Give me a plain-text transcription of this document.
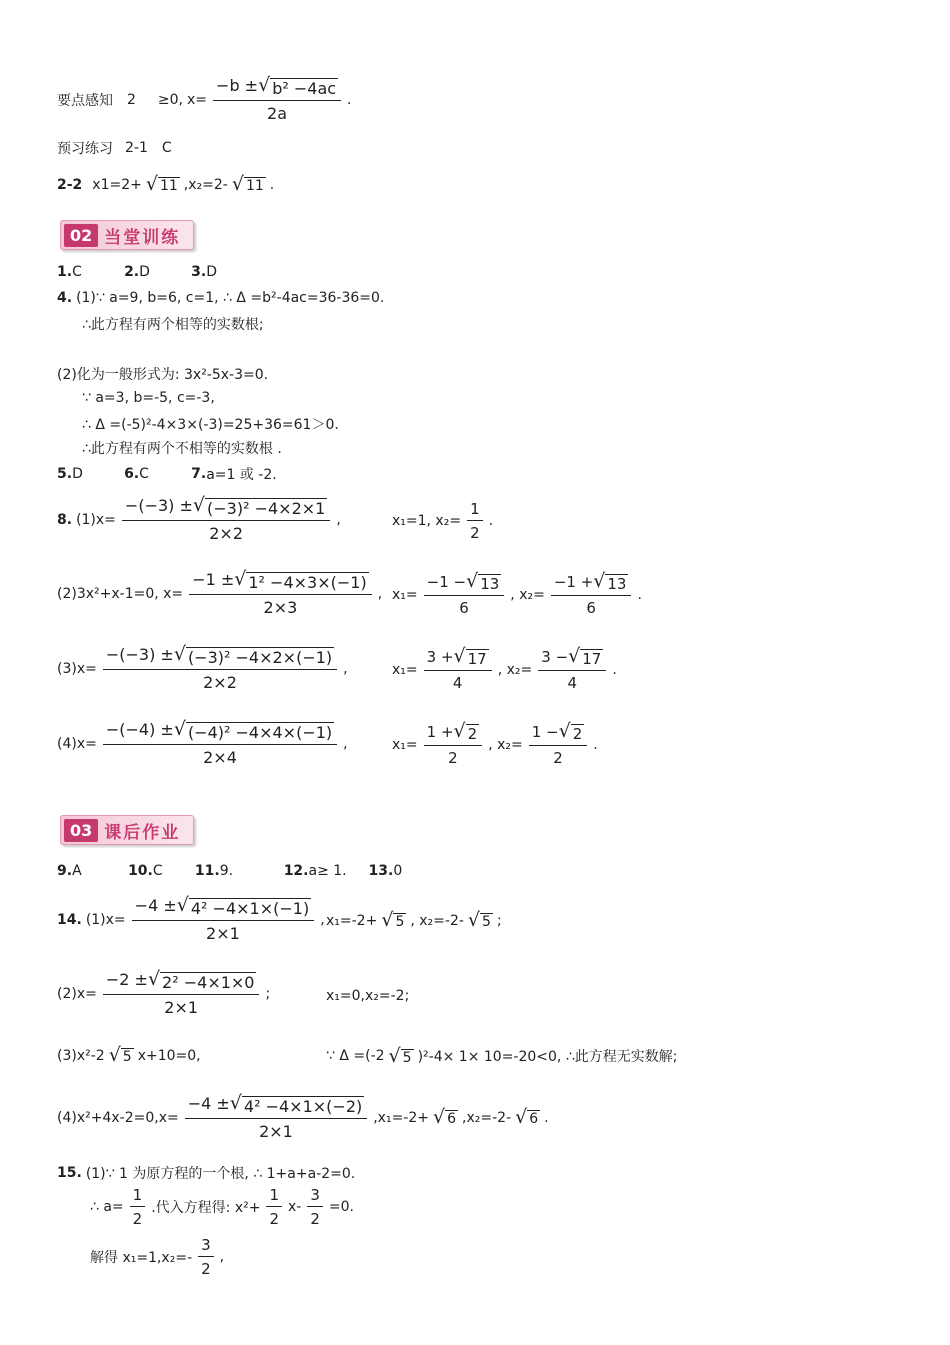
要点感知 2 ≥0, $x= \frac{\text{−b ± √ b² −4ac}}{2a}$ .
预习练习 2-1 C
2-2 x1=2+ √ 11 ,x₂=2- √ 11 .
02 当堂训练
1. C	2. D	3. D
4. (1)∵ a=9, b=6, c=1, ∴ Δ =b²-4ac=36-36=0.
∴此方程有两个相等的实数根;
(2)化为一般形式为: 3x²-5x-3=0.
∵ a=3, b=-5, c=-3,
∴ Δ =(-5)²-4×3×(-3)=25+36=61＞0.
∴此方程有两个不相等的实数根 .
5. D	6. C	7. a=1 或 -2.
8. $(1)x= \frac{\text{−(−3) ± √ (−3)² −4×2×1}}{2\times 2}$ ,	x₁=1, $x_2= \frac{1}{2}$ .
(2)3x²+x-1=0, $x= \frac{\text{−1 ± √ 1² −4×3×(−1)}}{2\times 3}$ , $x_1= \frac{-1 - √ 13}{6}$ , $x_2= \frac{-1 + √ 13}{6}$ .
$(3)x= \frac{\text{−(−3) ± √ (−3)² −4×2×(−1)}}{2\times 2}$ ,	$x_1= \frac{3 + √ 17}{4}$ , $x_2= \frac{3 - √ 17}{4}$ .
$(4)x= \frac{\text{−(−4) ± √ (−4)² −4×4×(−1)}}{2\times 4}$ ,	$x_1= \frac{1 + √ 2}{2}$ , $x_2= \frac{1 - √ 2}{2}$ .
03 课后作业
9. A	10. C	11. 9.	12. a≥ 1.	13. 0
14. $(1)x= \frac{\text{−4 ± √ 4² −4×1×(−1)}}{2\times 1}$ , x₁=-2+ √ 5 , x₂=-2- √ 5 ;
$(2)x= \frac{\text{−2 ± √ 2² −4×1×0}}{2\times 1}$ ;	x₁=0,x₂=-2;
(3)x²-2 √ 5 x+10=0,	∵ Δ =(-2 √ 5 )²-4× 1× 10=-20<0, ∴此方程无实数解;
$(4)x^2+4x-2=0,x= \frac{\text{−4 ± √ 4² −4×1×(−2)}}{2\times 1} ,x_1=-2+$ √ 6 ,x₂=-2- √ 6 .
15. (1)∵ 1 为原方程的一个根, ∴ 1+a+a-2=0.
∴ $a= \frac{1}{2}$ .代入方程得: $x^2+ \frac{1}{2} x- \frac{3}{2} =0$.
解得 $x_1=1,x_2=- \frac{3}{2}$ ,
